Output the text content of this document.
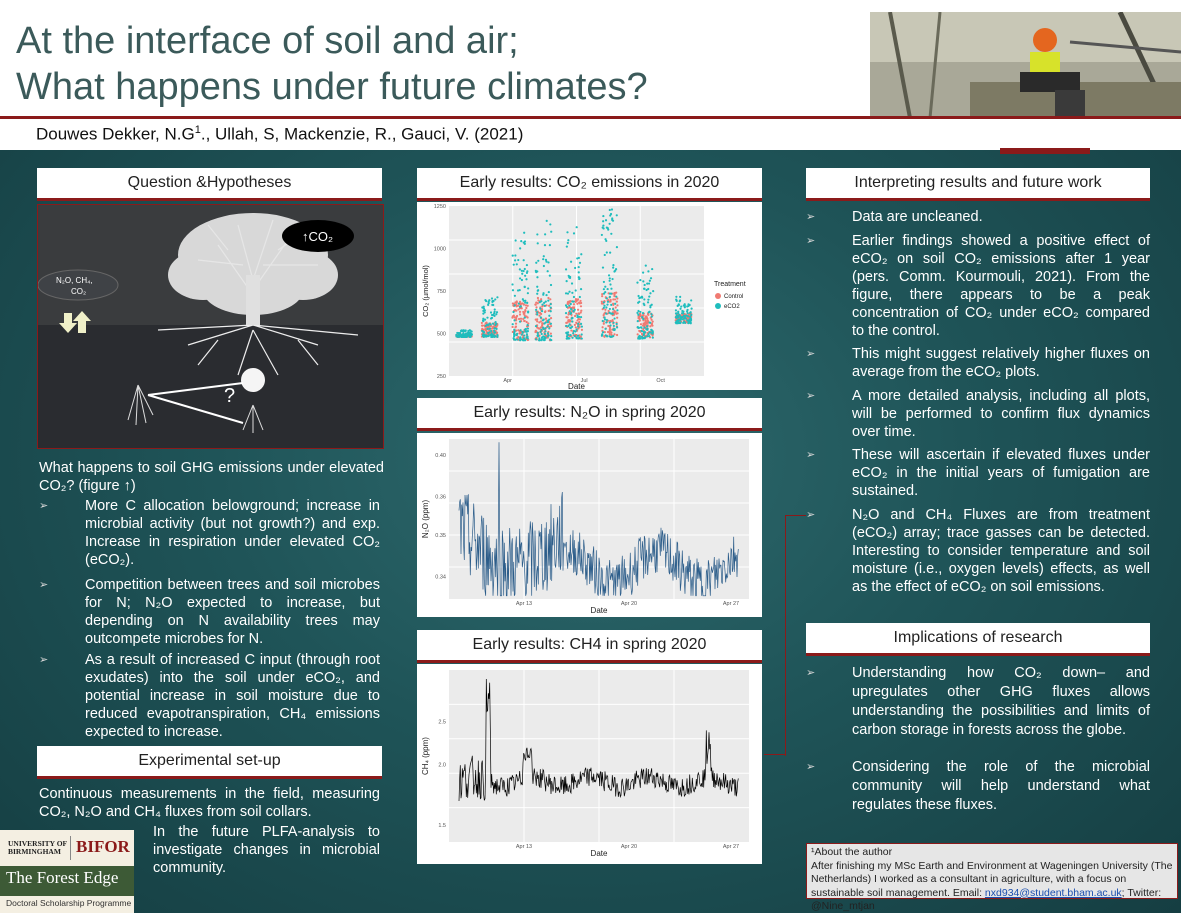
At the interface of soil and air;
What happens under future climates?
Douwes Dekker, $N.G^1$., Ullah, S, Mackenzie, R., Gauci, V. (2021)
Question &Hypotheses
↑CO₂
N₂O, CH₄,
CO₂
?
What happens to soil GHG emissions under elevated CO₂? (figure ↑)
➢	More C allocation belowground; increase in microbial activity (but not growth?) and exp. Increase in respiration under elevated CO₂ (eCO₂).
➢	Competition between trees and soil microbes for N; N₂O expected to increase, but depending on N availability trees may outcompete microbes for N.
➢	As a result of increased C input (through root exudates) into the soil under eCO₂, and potential increase in soil moisture due to reduced evapotranspiration, CH₄ emissions expected to increase.
Experimental set-up
Continuous measurements in the field, measuring CO₂, N₂O and CH₄ fluxes from soil collars.
In the future PLFA-analysis to investigate changes in microbial community.
UNIVERSITY OF
BIRMINGHAM BIFOR
The Forest Edge
Doctoral Scholarship Programme
Early results: CO₂ emissions in 2020
250
500
750
1000
1250
Apr	Jul	Oct
Date
CO₂ (µmol/mol)	Treatment
Control
eCO2
Early results: N₂O in spring 2020
0.34
0.35
0.36
0.40
Apr 13	Apr 20	Apr 27
Date
N₂O (ppm)
Early results: CH4 in spring 2020
1.5
2.0
2.5
Apr 13	Apr 20	Apr 27
Date
CH₄ (ppm)
Interpreting results and future work
➢	Data are uncleaned.
➢	Earlier findings showed a positive effect of eCO₂ on soil CO₂ emissions after 1 year (pers. Comm. Kourmouli, 2021). From the figure, there appears to be a peak concentration of CO₂ under eCO₂ compared to the control.
➢	This might suggest relatively higher fluxes on average from the eCO₂ plots.
➢	A more detailed analysis, including all plots, will be performed to confirm flux dynamics over time.
➢	These will ascertain if elevated fluxes under eCO₂ in the initial years of fumigation are sustained.
➢	N₂O and CH₄ Fluxes are from treatment (eCO₂) array; trace gasses can be detected. Interesting to consider temperature and soil moisture (i.e., oxygen levels) effects, as well as the effect of eCO₂ on soil emissions.
Implications of research
➢	Understanding how CO₂ down– and upregulates other GHG fluxes allows understanding the possibilities and limits of carbon storage in forests across the globe.
➢	Considering the role of the microbial community will help understand what regulates these fluxes.
¹About the author
After finishing my MSc Earth and Environment at Wageningen University (The Netherlands) I worked as a consultant in agriculture, with a focus on sustainable soil management. Email: nxd934@student.bham.ac.uk; Twitter: @Nine_mtjan
